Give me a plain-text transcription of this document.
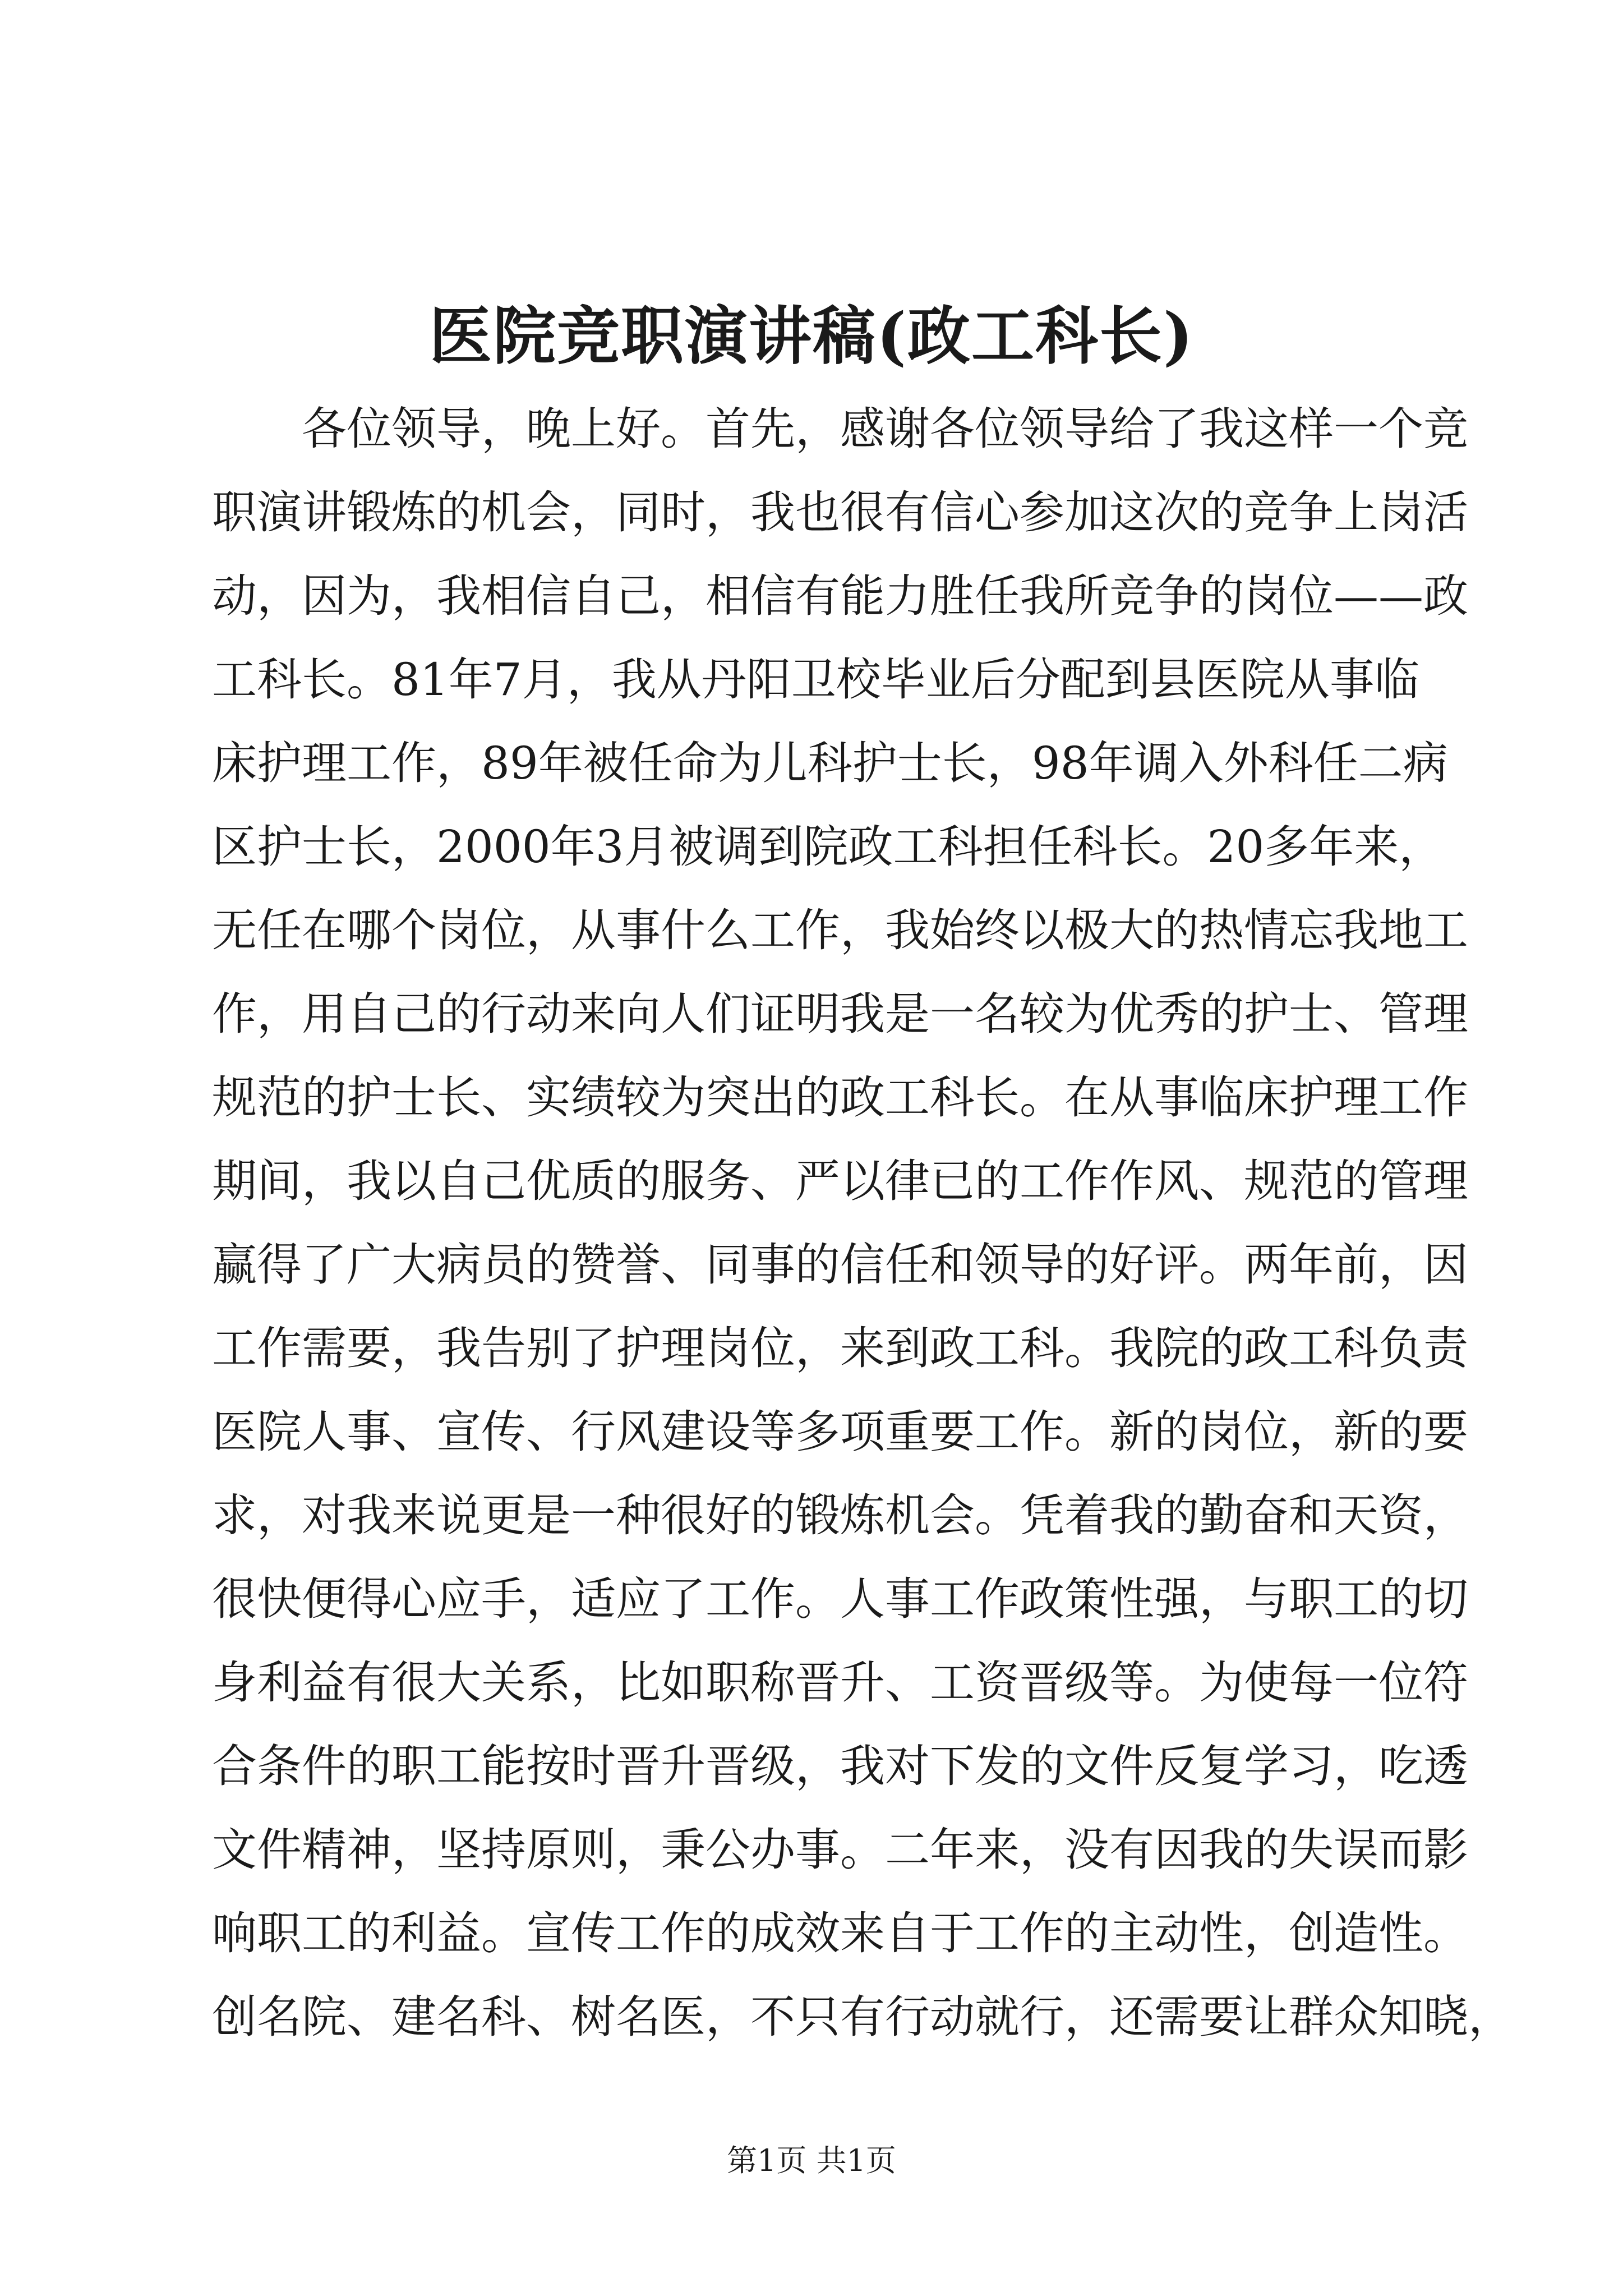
医院竞职演讲稿(政工科长)
各位领导，晚上好。首先，感谢各位领导给了我这样一个竞
职演讲锻炼的机会，同时，我也很有信心参加这次的竞争上岗活
动，因为，我相信自己，相信有能力胜任我所竞争的岗位——政
工科长。81年7月，我从丹阳卫校毕业后分配到县医院从事临
床护理工作，89年被任命为儿科护士长，98年调入外科任二病
区护士长，2000年3月被调到院政工科担任科长。20多年来，
无任在哪个岗位，从事什么工作，我始终以极大的热情忘我地工
作，用自己的行动来向人们证明我是一名较为优秀的护士、管理
规范的护士长、实绩较为突出的政工科长。在从事临床护理工作
期间，我以自己优质的服务、严以律已的工作作风、规范的管理
赢得了广大病员的赞誉、同事的信任和领导的好评。两年前，因
工作需要，我告别了护理岗位，来到政工科。我院的政工科负责
医院人事、宣传、行风建设等多项重要工作。新的岗位，新的要
求，对我来说更是一种很好的锻炼机会。凭着我的勤奋和天资，
很快便得心应手，适应了工作。人事工作政策性强，与职工的切
身利益有很大关系，比如职称晋升、工资晋级等。为使每一位符
合条件的职工能按时晋升晋级，我对下发的文件反复学习，吃透
文件精神，坚持原则，秉公办事。二年来，没有因我的失误而影
响职工的利益。宣传工作的成效来自于工作的主动性，创造性。
创名院、建名科、树名医，不只有行动就行，还需要让群众知晓，
第1页 共1页
